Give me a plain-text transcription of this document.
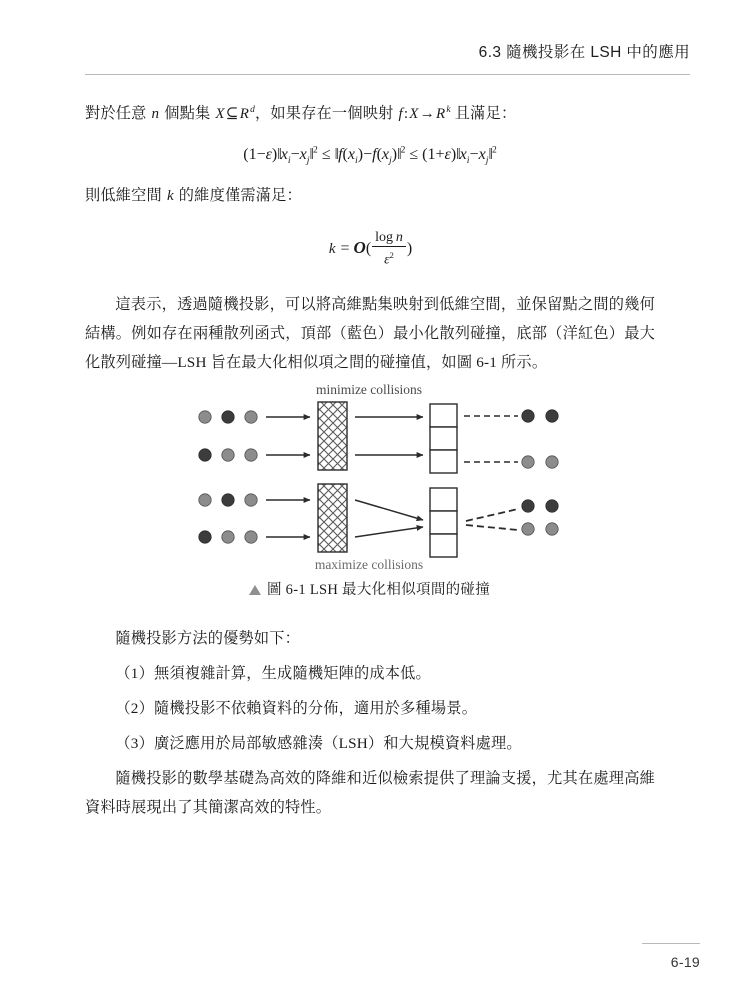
6.3 隨機投影在 LSH 中的應用

對於任意 n 個點集 $X⊆R^d$，如果存在一個映射 $f:X\to R^k$ 且滿足：

$(1-\varepsilon)‖x_i-x_j‖^2$ ≤ $‖f(x_i)-f(x_j)‖^2$ ≤ $(1+\varepsilon)‖x_i-x_j‖^2$

則低維空間 k 的維度僅需滿足：

$k = O( \frac{\text{log n}}{\varepsilon^2}$ )

這表示，透過隨機投影，可以將高維點集映射到低維空間，並保留點之間的幾何結構。例如存在兩種散列函式，頂部（藍色）最小化散列碰撞，底部（洋紅色）最大化散列碰撞—LSH 旨在最大化相似項之間的碰撞值，如圖 6-1 所示。

minimize collisions
maximize collisions
圖 6-1 LSH 最大化相似項間的碰撞

隨機投影方法的優勢如下：

（1）無須複雜計算，生成隨機矩陣的成本低。

（2）隨機投影不依賴資料的分佈，適用於多種場景。

（3）廣泛應用於局部敏感雜湊（LSH）和大規模資料處理。

隨機投影的數學基礎為高效的降維和近似檢索提供了理論支援，尤其在處理高維資料時展現出了其簡潔高效的特性。

6-19
